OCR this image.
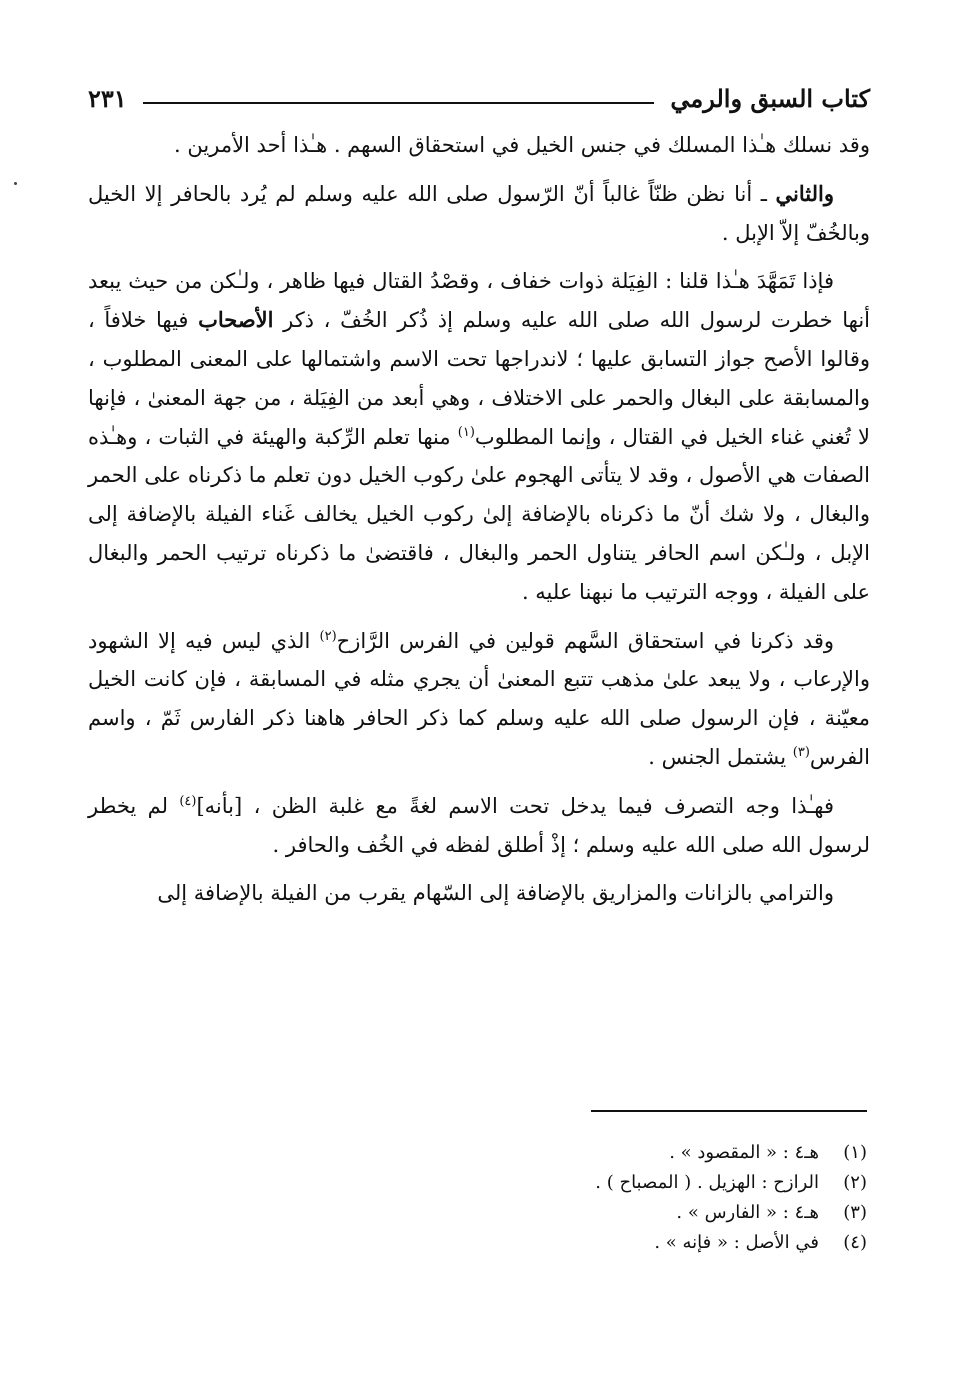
كتاب السبق والرمي
٢٣١

وقد نسلك هـٰذا المسلك في جنس الخيل في استحقاق السهم . هـٰذا أحد الأمرين .

والثاني ـ أنا نظن ظنّاً غالباً أنّ الرّسول صلى الله عليه وسلم لم يُرد بالحافر إلا الخيل وبالخُفّ إلاّ الإبل .

فإذا تَمَهَّدَ هـٰذا قلنا : الفِيَلة ذوات خفاف ، وقصْدُ القتال فيها ظاهر ، ولـٰكن من حيث يبعد أنها خطرت لرسول الله صلى الله عليه وسلم إذ ذُكر الخُفّ ، ذكر الأصحاب فيها خلافاً ، وقالوا الأصح جواز التسابق عليها ؛ لاندراجها تحت الاسم واشتمالها على المعنى المطلوب ، والمسابقة على البغال والحمر على الاختلاف ، وهي أبعد من الفِيَلة ، من جهة المعنىٰ ، فإنها لا تُغني غناء الخيل في القتال ، وإنما المطلوب$^{(١)}$ منها تعلم الرِّكبة والهيئة في الثبات ، وهـٰذه الصفات هي الأصول ، وقد لا يتأتى الهجوم علىٰ ركوب الخيل دون تعلم ما ذكرناه على الحمر والبغال ، ولا شك أنّ ما ذكرناه بالإضافة إلىٰ ركوب الخيل يخالف غَناء الفيلة بالإضافة إلى الإبل ، ولـٰكن اسم الحافر يتناول الحمر والبغال ، فاقتضىٰ ما ذكرناه ترتيب الحمر والبغال على الفيلة ، ووجه الترتيب ما نبهنا عليه .

وقد ذكرنا في استحقاق السَّهم قولين في الفرس الرَّازح$^{(٢)}$ الذي ليس فيه إلا الشهود والإرعاب ، ولا يبعد علىٰ مذهب تتبع المعنىٰ أن يجري مثله في المسابقة ، فإن كانت الخيل معيّنة ، فإن الرسول صلى الله عليه وسلم كما ذكر الحافر هاهنا ذكر الفارس ثَمّ ، واسم الفرس$^{(٣)}$ يشتمل الجنس .

فهـٰذا وجه التصرف فيما يدخل تحت الاسم لغةً مع غلبة الظن ، [بأنه]$^{(٤)}$ لم يخطر لرسول الله صلى الله عليه وسلم ؛ إذْ أطلق لفظه في الخُف والحافر .

والترامي بالزانات والمزاريق بالإضافة إلى السّهام يقرب من الفيلة بالإضافة إلى

(١)
هـ٤ : « المقصود » .
(٢)
الرازح : الهزيل . ( المصباح ) .
(٣)
هـ٤ : « الفارس » .
(٤)
في الأصل : « فإنه » .
